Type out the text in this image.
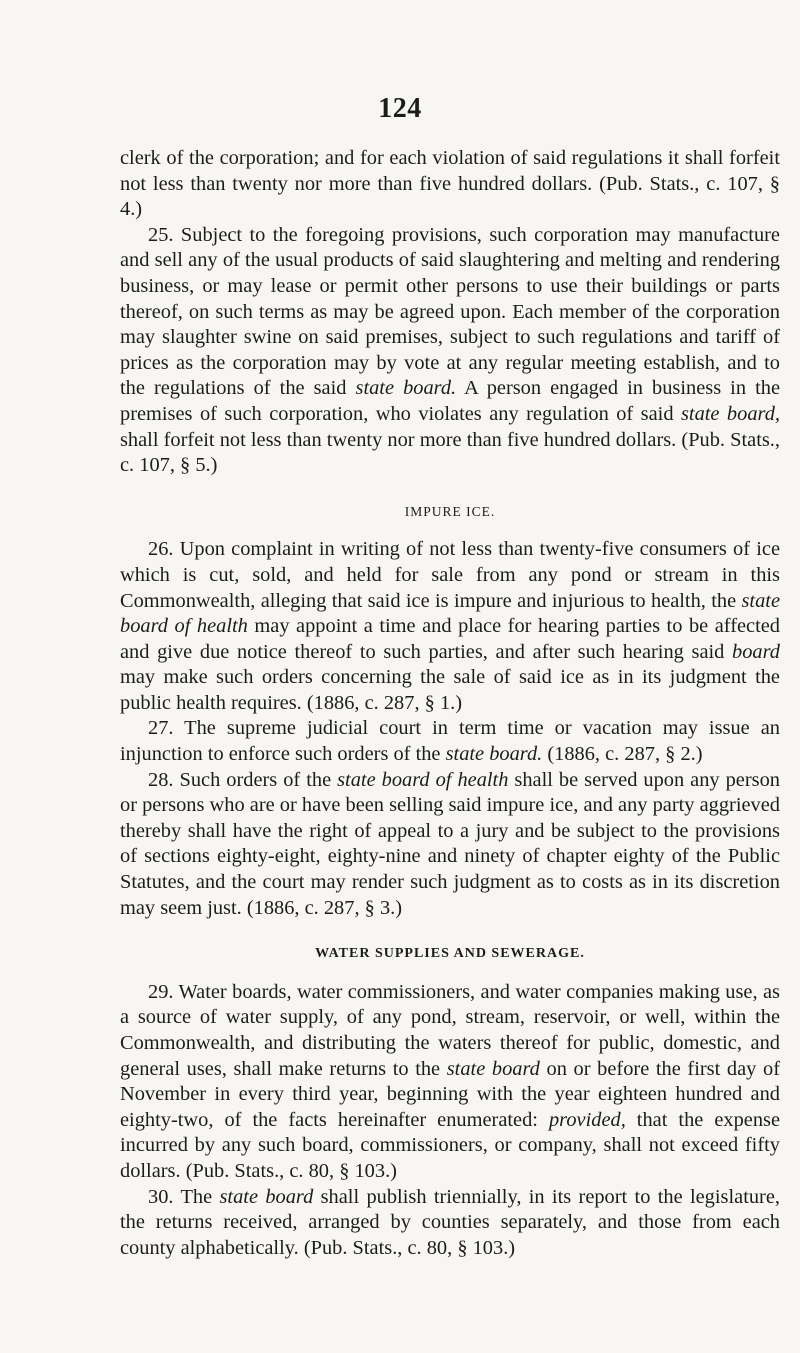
124

clerk of the corporation; and for each violation of said regulations it shall forfeit not less than twenty nor more than five hundred dollars. (Pub. Stats., c. 107, § 4.)

25. Subject to the foregoing provisions, such corporation may manufacture and sell any of the usual products of said slaughtering and melting and rendering business, or may lease or permit other persons to use their buildings or parts thereof, on such terms as may be agreed upon. Each member of the corporation may slaughter swine on said premises, subject to such regulations and tariff of prices as the corporation may by vote at any regular meeting establish, and to the regulations of the said state board. A person engaged in business in the premises of such corporation, who violates any regulation of said state board, shall forfeit not less than twenty nor more than five hundred dollars. (Pub. Stats., c. 107, § 5.)

IMPURE ICE.

26. Upon complaint in writing of not less than twenty-five consumers of ice which is cut, sold, and held for sale from any pond or stream in this Commonwealth, alleging that said ice is impure and injurious to health, the state board of health may appoint a time and place for hearing parties to be affected and give due notice thereof to such parties, and after such hearing said board may make such orders concerning the sale of said ice as in its judgment the public health requires. (1886, c. 287, § 1.)

27. The supreme judicial court in term time or vacation may issue an injunction to enforce such orders of the state board. (1886, c. 287, § 2.)

28. Such orders of the state board of health shall be served upon any person or persons who are or have been selling said impure ice, and any party aggrieved thereby shall have the right of appeal to a jury and be subject to the provisions of sections eighty-eight, eighty-nine and ninety of chapter eighty of the Public Statutes, and the court may render such judgment as to costs as in its discretion may seem just. (1886, c. 287, § 3.)

WATER SUPPLIES AND SEWERAGE.

29. Water boards, water commissioners, and water companies making use, as a source of water supply, of any pond, stream, reservoir, or well, within the Commonwealth, and distributing the waters thereof for public, domestic, and general uses, shall make returns to the state board on or before the first day of November in every third year, beginning with the year eighteen hundred and eighty-two, of the facts hereinafter enumerated: provided, that the expense incurred by any such board, commissioners, or company, shall not exceed fifty dollars. (Pub. Stats., c. 80, § 103.)

30. The state board shall publish triennially, in its report to the legislature, the returns received, arranged by counties separately, and those from each county alphabetically. (Pub. Stats., c. 80, § 103.)
